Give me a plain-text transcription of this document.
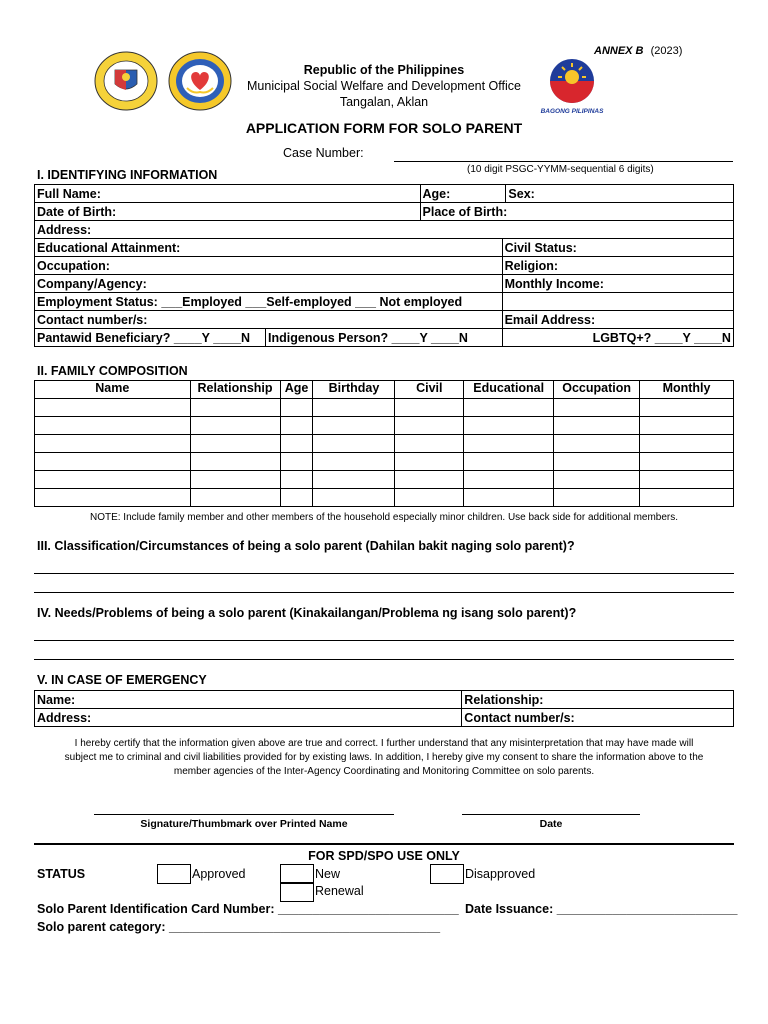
ANNEX B (2023)
BAGONG PILIPINAS
Republic of the Philippines
Municipal Social Welfare and Development Office
Tangalan, Aklan
APPLICATION FORM FOR SOLO PARENT
Case Number:
(10 digit PSGC-YYMM-sequential 6 digits)
I. IDENTIFYING INFORMATION
Full Name:		Age:		Sex:
Date of Birth:		Place of Birth:		
Address:				
Educational Attainment:			Civil Status:	
Occupation:			Religion:	
Company/Agency:			Monthly Income:	
Employment Status: ___Employed ___Self-employed ___ Not employed				
Contact number/s:			Email Address:	
Pantawid Beneficiary? ____Y ____N	Indigenous Person? ____Y ____N		LGBTQ+? ____Y ____N	
II. FAMILY COMPOSITION
Name	Relationship	Age	Birthday	Civil	Educational	Occupation	Monthly

NOTE: Include family member and other members of the household especially minor children. Use back side for additional members.
III. Classification/Circumstances of being a solo parent (Dahilan bakit naging solo parent)?
IV. Needs/Problems of being a solo parent (Kinakailangan/Problema ng isang solo parent)?
V. IN CASE OF EMERGENCY
Name:	Relationship:
Address:	Contact number/s:
I hereby certify that the information given above are true and correct. I further understand that any misinterpretation that may have made will
subject me to criminal and civil liabilities provided for by existing laws. In addition, I hereby give my consent to share the information above to the
member agencies of the Inter-Agency Coordinating and Monitoring Committee on solo parents.
Signature/Thumbmark over Printed Name	Date
FOR SPD/SPO USE ONLY
STATUS	Approved	New
Renewal
Disapproved
Solo Parent Identification Card Number: __________________________ Date Issuance: __________________________
Solo parent category: _______________________________________
